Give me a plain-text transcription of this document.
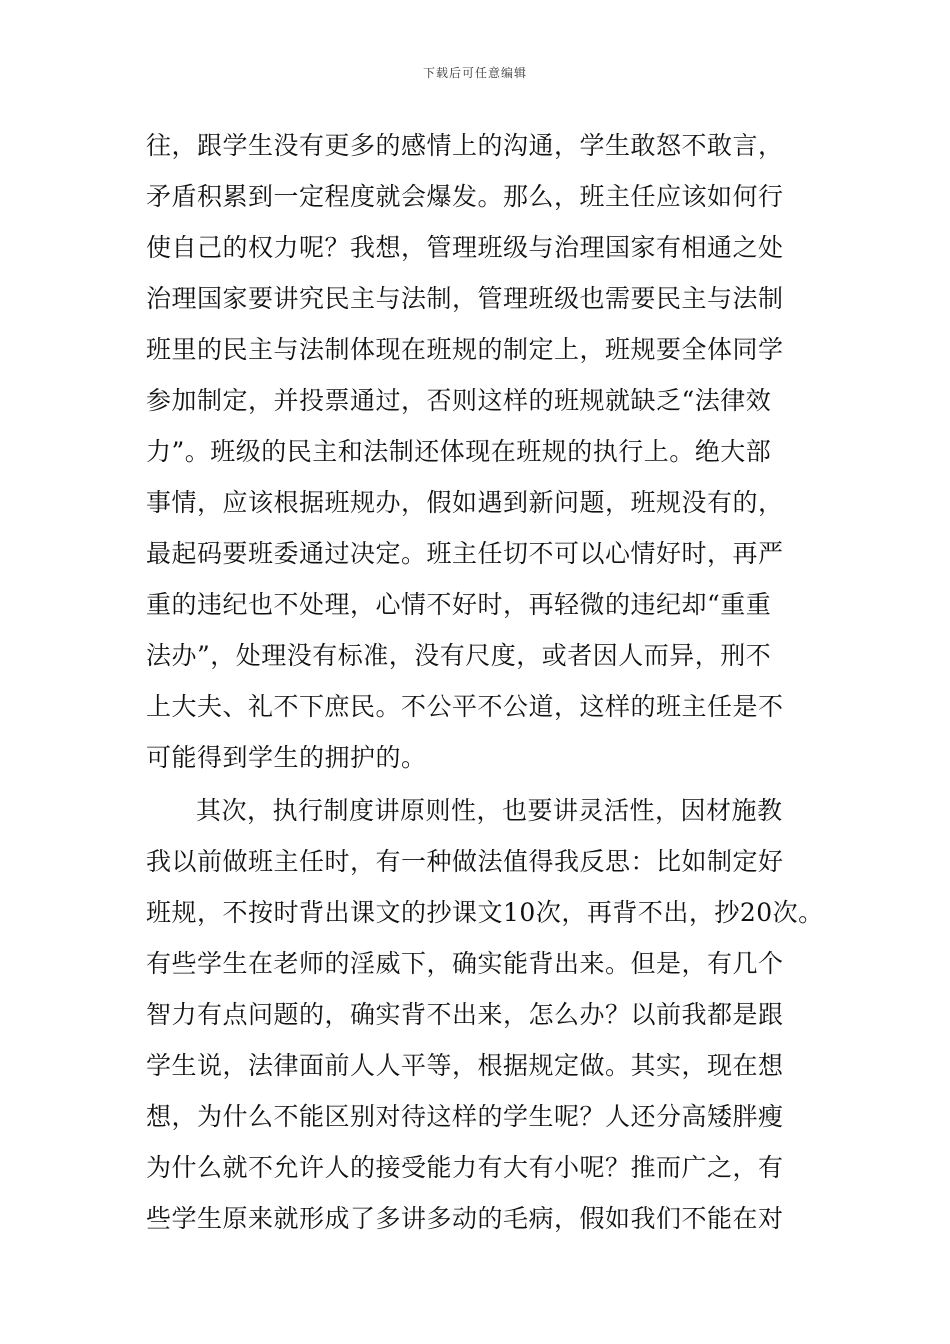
下载后可任意编辑
往，跟学生没有更多的感情上的沟通，学生敢怒不敢言，
矛盾积累到一定程度就会爆发。那么，班主任应该如何行
使自己的权力呢？我想，管理班级与治理国家有相通之处
治理国家要讲究民主与法制，管理班级也需要民主与法制
班里的民主与法制体现在班规的制定上，班规要全体同学
参加制定，并投票通过，否则这样的班规就缺乏“法律效
力”。班级的民主和法制还体现在班规的执行上。绝大部
事情，应该根据班规办，假如遇到新问题，班规没有的，
最起码要班委通过决定。班主任切不可以心情好时，再严
重的违纪也不处理，心情不好时，再轻微的违纪却“重重
法办”，处理没有标准，没有尺度，或者因人而异，刑不
上大夫、礼不下庶民。不公平不公道，这样的班主任是不
可能得到学生的拥护的。
其次，执行制度讲原则性，也要讲灵活性，因材施教
我以前做班主任时，有一种做法值得我反思：比如制定好
班规，不按时背出课文的抄课文10次，再背不出，抄20次。
有些学生在老师的淫威下，确实能背出来。但是，有几个
智力有点问题的，确实背不出来，怎么办？以前我都是跟
学生说，法律面前人人平等，根据规定做。其实，现在想
想，为什么不能区别对待这样的学生呢？人还分高矮胖瘦
为什么就不允许人的接受能力有大有小呢？推而广之，有
些学生原来就形成了多讲多动的毛病，假如我们不能在对
